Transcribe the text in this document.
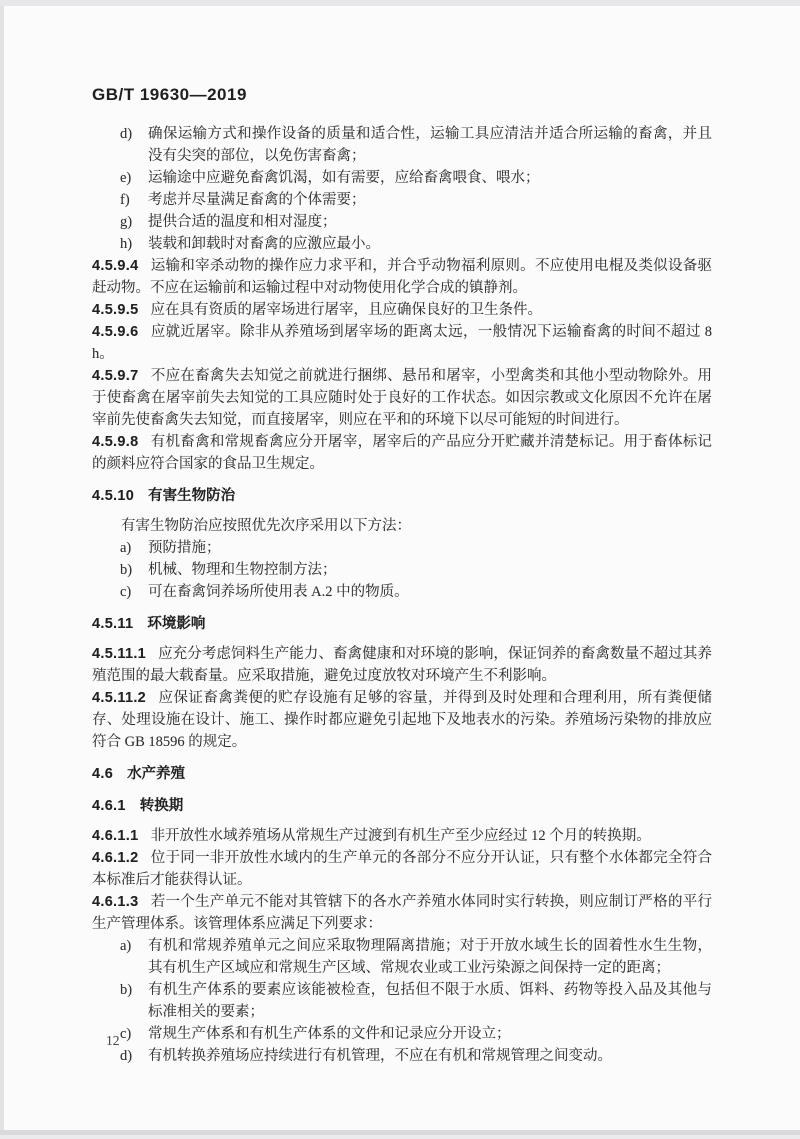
GB/T 19630—2019
d) 确保运输方式和操作设备的质量和适合性，运输工具应清洁并适合所运输的畜禽，并且没有尖突的部位，以免伤害畜禽；
e) 运输途中应避免畜禽饥渴，如有需要，应给畜禽喂食、喂水；
f) 考虑并尽量满足畜禽的个体需要；
g) 提供合适的温度和相对湿度；
h) 装载和卸载时对畜禽的应激应最小。
4.5.9.4 运输和宰杀动物的操作应力求平和，并合乎动物福利原则。不应使用电棍及类似设备驱赶动物。不应在运输前和运输过程中对动物使用化学合成的镇静剂。
4.5.9.5 应在具有资质的屠宰场进行屠宰，且应确保良好的卫生条件。
4.5.9.6 应就近屠宰。除非从养殖场到屠宰场的距离太远，一般情况下运输畜禽的时间不超过 8 h。
4.5.9.7 不应在畜禽失去知觉之前就进行捆绑、悬吊和屠宰，小型禽类和其他小型动物除外。用于使畜禽在屠宰前失去知觉的工具应随时处于良好的工作状态。如因宗教或文化原因不允许在屠宰前先使畜禽失去知觉，而直接屠宰，则应在平和的环境下以尽可能短的时间进行。
4.5.9.8 有机畜禽和常规畜禽应分开屠宰，屠宰后的产品应分开贮藏并清楚标记。用于畜体标记的颜料应符合国家的食品卫生规定。
4.5.10 有害生物防治
有害生物防治应按照优先次序采用以下方法：
a) 预防措施；
b) 机械、物理和生物控制方法；
c) 可在畜禽饲养场所使用表 A.2 中的物质。
4.5.11 环境影响
4.5.11.1 应充分考虑饲料生产能力、畜禽健康和对环境的影响，保证饲养的畜禽数量不超过其养殖范围的最大载畜量。应采取措施，避免过度放牧对环境产生不利影响。
4.5.11.2 应保证畜禽粪便的贮存设施有足够的容量，并得到及时处理和合理利用，所有粪便储存、处理设施在设计、施工、操作时都应避免引起地下及地表水的污染。养殖场污染物的排放应符合 GB 18596 的规定。
4.6 水产养殖
4.6.1 转换期
4.6.1.1 非开放性水域养殖场从常规生产过渡到有机生产至少应经过 12 个月的转换期。
4.6.1.2 位于同一非开放性水域内的生产单元的各部分不应分开认证，只有整个水体都完全符合本标准后才能获得认证。
4.6.1.3 若一个生产单元不能对其管辖下的各水产养殖水体同时实行转换，则应制订严格的平行生产管理体系。该管理体系应满足下列要求：
a) 有机和常规养殖单元之间应采取物理隔离措施；对于开放水域生长的固着性水生生物，其有机生产区域应和常规生产区域、常规农业或工业污染源之间保持一定的距离；
b) 有机生产体系的要素应该能被检查，包括但不限于水质、饵料、药物等投入品及其他与标准相关的要素；
c) 常规生产体系和有机生产体系的文件和记录应分开设立；
d) 有机转换养殖场应持续进行有机管理，不应在有机和常规管理之间变动。
12
